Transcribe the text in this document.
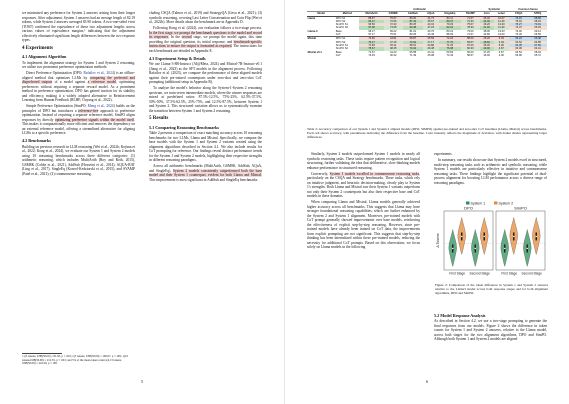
we minimized any preference for System 2 answers arising from their longer responses. After adjustment, System 1 answers had an average length of 82.19 tokens, while System 2 answers averaged 83.90 tokens. A two-one-sided t-test (TOST) confirmed the equivalence of these two adjustment lengths across various values of equivalence margins,¹ indicating that the adjustment effectively eliminated significant length differences between the two response types.

4 Experiments
4.1 Alignment Algorithm

To implement the alignment strategy for System 1 and System 2 reasoning, we utilize two prominent preference optimization methods:

Direct Preference Optimization (DPO; Rafailov et al., 2024) is an offline-aligned method that optimizes LLMs by comparing the preferred and dispreferred outputs of a model against a reference model, optimizing preferences without requiring a separate reward model. As a prominent method in preference optimization, DPO has gained traction for its stability and efficiency, making it a widely adopted alternative to Reinforcement Learning from Human Feedback (RLHF; Ouyang et al., 2022).

Simple Preference Optimization (SimPO; Meng et al., 2024) builds on the principles of DPO but introduces a reference-free approach to preference optimization. Instead of requiring a separate reference model, SimPO aligns responses by directly optimizing preference signals within the model itself. This makes it computationally more efficient and removes the dependency on an external reference model, offering a streamlined alternative for aligning LLMs to a specific preference.

4.2 Benchmarks

Building on previous research in LLM reasoning (Wei et al., 2022b; Kojima et al., 2022; Kong et al., 2024), we evaluate our System 1 and System 2 models using 10 reasoning benchmarks across three different categories: (1) arithmetic reasoning, which includes MultiArith (Roy and Roth, 2015), GSM8K (Cobbe et al., 2021), AddSub (Hosseini et al., 2014), AQUA-RAT (Ling et al., 2017), SingleEq (Koncel-Kedziorski et al., 2015), and SVAMP (Patel et al., 2021); (2) commonsense reasoning,

¹ ε(3 tokens, 0.88(50.00) = 81.92, p < .001; ε(5 tokens, 0.88(50.00) = 100.67, p < .001; ε(10 tokens,0.88(50.00) = 212.35, p < .001; and 5% of the mean token count ε(4.13 tokens, 0.88(50.00) = 222.20, p < .001

cluding CSQA (Talmor et al., 2019) and StrategyQA (Geva et al., 2021); (3) symbolic reasoning, covering Last Letter Concatenation and Coin Flip (Wei et al., 2022b). More details about the benchmark are in Appendix D.

Following Kong et al. (2024), our evaluation follows a two-stage process. In the first stage, we prompt the benchmark questions to the model and record its responses. In the second stage, we prompt the model again, this time providing the original question, its initial response, and benchmark-specific instructions to ensure the output is formatted as required. The instructions for each benchmark are detailed in Appendix E.

4.3 Experiment Setup & Details

We use Llama-3-8B-Instruct (AI@Meta, 2024) and Mistral-7B-Instruct-v0.1 (Jiang et al., 2023) as the SFT models in the alignment process. Following Rafailov et al. (2023), we compare the performance of these aligned models against their pre-trained counterparts under zero-shot and zero-shot CoT prompting (additional setup in Appendix B).

To analyze the model's behavior along the System-1-System 2 reasoning spectrum, we train seven intermediate models, where the winner responses are mixed at predefined ratios: 87.5%-12.5%, 75%-25%, 62.5%-37.5%, 50%-50%, 37.5%-62.5%, 25%-75%, and 12.5%-87.5%, between System 1 and System 2. This structured variation allows us to systematically examine the transition between System 1 and System 2 reasoning.

5 Results
5.1 Comparing Reasoning Benchmarks

Table 2 presents a comparison of exact matching accuracy across 10 reasoning benchmarks for two LLMs, Llama and Mistral. Specifically, we compare the base models with the System 1 and System 2 variants created using the alignment algorithms described in Section 4.1. We also include results for CoT prompting for reference. Our findings reveal distinct performance trends for the System 1 and System 2 models, highlighting their respective strengths in different reasoning paradigms.

Across all arithmetic benchmarks (MultiArith, GSM8K, AddSub, AQuA, and SingleEq), System 2 models consistently outperformed both the base model and their System 1 counterpart, evident for both Llama and Mistral. This improvement is most significant in AddSub and SingleEq benchmarks.

5
		Arithmetic						Symbolic		Common Sense	
Model	Method	MultiArith	GSM8K	AddSub	AQuA	SingleEq	SVAMP	Coin	Letter	CSQA	STRQ
Llama	DPO S1	88.67	70.57	80.00	41.73	83.11	71.67	46.40	10.67	74.97	68.68
	DPO S2	94.17	72.66	87.34	45.67	89.37	74.33	44.00	11.33	75.91	68.24
	SimPO S1	96.50	72.33	80.25	43.31	79.33	75.67	46.20	13.20	75.27	70.91
	SimPO S2	97.00	74.68	90.38	47.24	92.91	78.33	41.40	11.33	74.37	66.33
Llama-3	Base	96.17	69.22	81.01	43.70	80.31	73.00	48.00	13.33	74.02	69.14
	CoT	97.17	75.51	80.25	44.49	88.39	71.67	44.80	12.00	73.30	66.59
Mistral	DPO S1	72.50	44.81	69.87	25.59	72.24	58.00	45.20	5.33	63.23	66.38
	DPO S2	76.17	47.15	73.92	27.17	77.76	59.67	48.60	3.33	64.62	64.85
	SimPO S1	71.83	45.11	68.61	24.80	71.26	57.00	46.40	6.00	64.05	67.69
	SimPO S2	75.67	48.45	74.94	26.38	76.38	60.33	49.00	4.67	63.06	64.41
Mistral-v0.1	Base	71.67	44.20	66.58	24.41	69.69	56.00	47.20	6.67	64.54	68.04
	CoT	74.33	46.32	71.39	25.98	73.43	58.67	46.00	4.00	63.96	65.72
Table 2: Accuracy comparison of our System 1 and System 2 aligned models (DPO, SIMPO) against pre-trained and zero-shot CoT baselines (Llama, Mistral) across benchmarks. Each cell shows accuracy, with parentheses indicating the difference from the baseline. Color intensity reflects the magnitude of deviation, with darker shades representing larger differences.

Similarly, System 2 models outperformed System 1 models in nearly all symbolic reasoning tasks. These tasks require pattern recognition and logical structuring, further validating the idea that deliberative, slow-thinking models enhance performance in structured reasoning.

Conversely, System 1 models excelled in commonsense reasoning tasks, particularly on the CSQA and Strategy benchmarks. These tasks, which rely on intuitive judgment, and heuristic decision-making, clearly play to System 1's strengths. Both Llama and Mistral saw their System 1 variants outperform not only their System 2 counterparts but also their respective base and CoT models in these domains.

When comparing Llama and Mistral, Llama models generally achieved higher accuracy across all benchmarks. This suggests that Llama may have stronger foundational reasoning capabilities, which are further enhanced by the System 2 and System 1 alignment. Moreover, pre-trained models with CoT prompt generally showed improvements over base models, reinforcing the effectiveness of explicit step-by-step reasoning. However, since pre-trained models have already been trained on CoT data, the improvements from explicit prompting are not significant. This suggests that step-by-step thinking has been internalized within these pre-trained models, reducing the necessity for additional CoT prompts. Based on this observation, we focus solely on Llama models in the following

experiments.

In summary, our results showcase that System 2 models excel in structured, multi-step reasoning tasks such as arithmetic and symbolic reasoning, while System 1 models are particularly effective in intuitive and commonsense reasoning tasks. These findings highlight the significant potential of dual-process alignment for boosting LLM performance across a diverse range of reasoning paradigms.

System 1 System 2
DPO
First Stage Second Stage
Δ Tokens
SimPO
First Stage Second Stage
Figure 2: Comparison of the token difference in System 1 and System 2 answers relative to the Llama3 model across both response stages and for both alignment algorithms, DPO and SimPO.
5.2 Model Response Analysis

As described in Section 4.2, we use a two-stage prompting to generate the final responses from our models. Figure 2 shows the difference in token counts for System 1 and System 2 answers, relative to the Llama model, across both stages for the two alignment algorithms, DPO and SimPO. Although both System 1 and System 2 models are aligned

6
